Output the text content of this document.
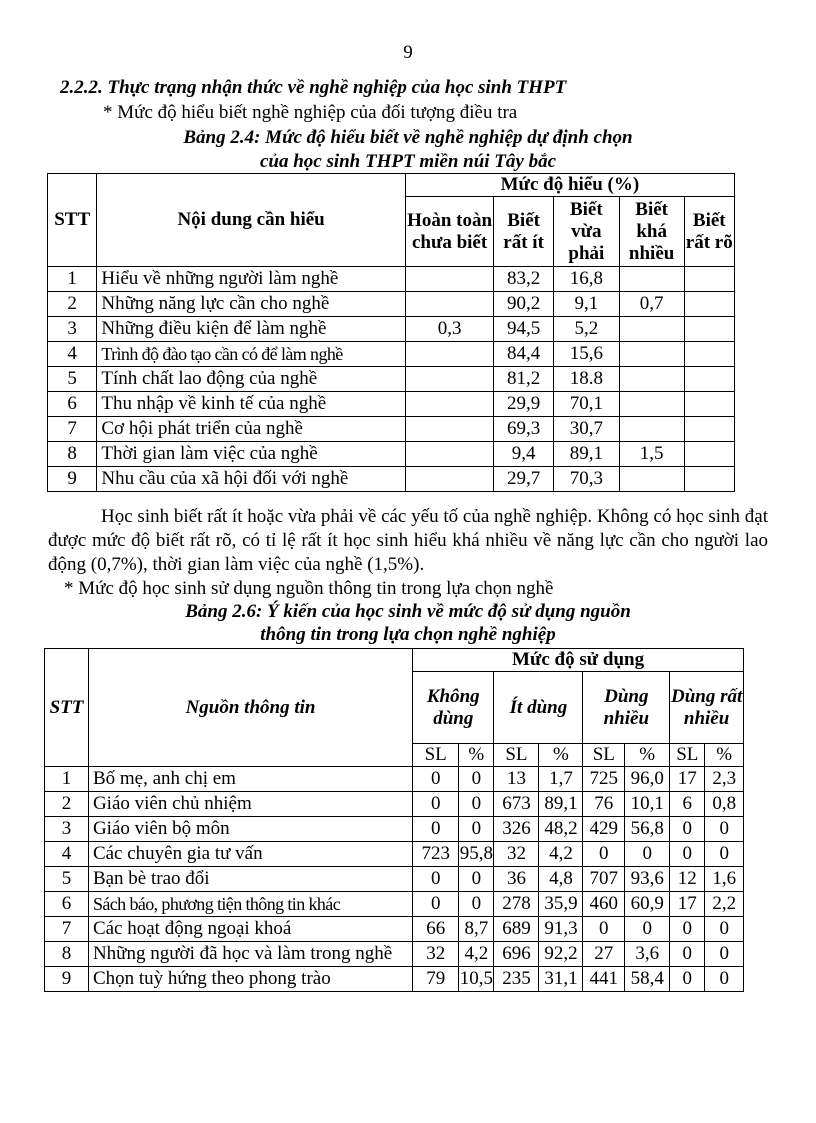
9
2.2.2. Thực trạng nhận thức về nghề nghiệp của học sinh THPT
* Mức độ hiểu biết nghề nghiệp của đối tượng điều tra
Bảng 2.4: Mức độ hiểu biết về nghề nghiệp dự định chọn
của học sinh THPT miền núi Tây bắc
STT	Nội dung cần hiểu	Mức độ hiểu (%)				
		Hoàn toàn chưa biết	Biết rất ít	Biết vừa phải	Biết khá nhiều	Biết rất rõ
1	Hiểu về những người làm nghề		83,2	16,8		
2	Những năng lực cần cho nghề		90,2	9,1	0,7	
3	Những điều kiện để làm nghề	0,3	94,5	5,2		
4	Trình độ đào tạo cần có để làm nghề		84,4	15,6		
5	Tính chất lao động của nghề		81,2	18.8		
6	Thu nhập về kinh tế của nghề		29,9	70,1		
7	Cơ hội phát triển của nghề		69,3	30,7		
8	Thời gian làm việc của nghề		9,4	89,1	1,5	
9	Nhu cầu của xã hội đối với nghề		29,7	70,3		
Học sinh biết rất ít hoặc vừa phải về các yếu tố của nghề nghiệp. Không có học sinh đạt được mức độ biết rất rõ, có tỉ lệ rất ít học sinh hiểu khá nhiều về năng lực cần cho người lao động (0,7%), thời gian làm việc của nghề (1,5%).
* Mức độ học sinh sử dụng nguồn thông tin trong lựa chọn nghề
Bảng 2.6: Ý kiến của học sinh về mức độ sử dụng nguồn
thông tin trong lựa chọn nghề nghiệp
STT	Nguồn thông tin	Mức độ sử dụng							
		Không dùng		Ít dùng		Dùng nhiều		Dùng rất nhiều	
		SL	%	SL	%	SL	%	SL	%
1	Bố mẹ, anh chị em	0	0	13	1,7	725	96,0	17	2,3
2	Giáo viên chủ nhiệm	0	0	673	89,1	76	10,1	6	0,8
3	Giáo viên bộ môn	0	0	326	48,2	429	56,8	0	0
4	Các chuyên gia tư vấn	723	95,8	32	4,2	0	0	0	0
5	Bạn bè trao đổi	0	0	36	4,8	707	93,6	12	1,6
6	Sách báo, phương tiện thông tin khác	0	0	278	35,9	460	60,9	17	2,2
7	Các hoạt động ngoại khoá	66	8,7	689	91,3	0	0	0	0
8	Những người đã học và làm trong nghề	32	4,2	696	92,2	27	3,6	0	0
9	Chọn tuỳ hứng theo phong trào	79	10,5	235	31,1	441	58,4	0	0
